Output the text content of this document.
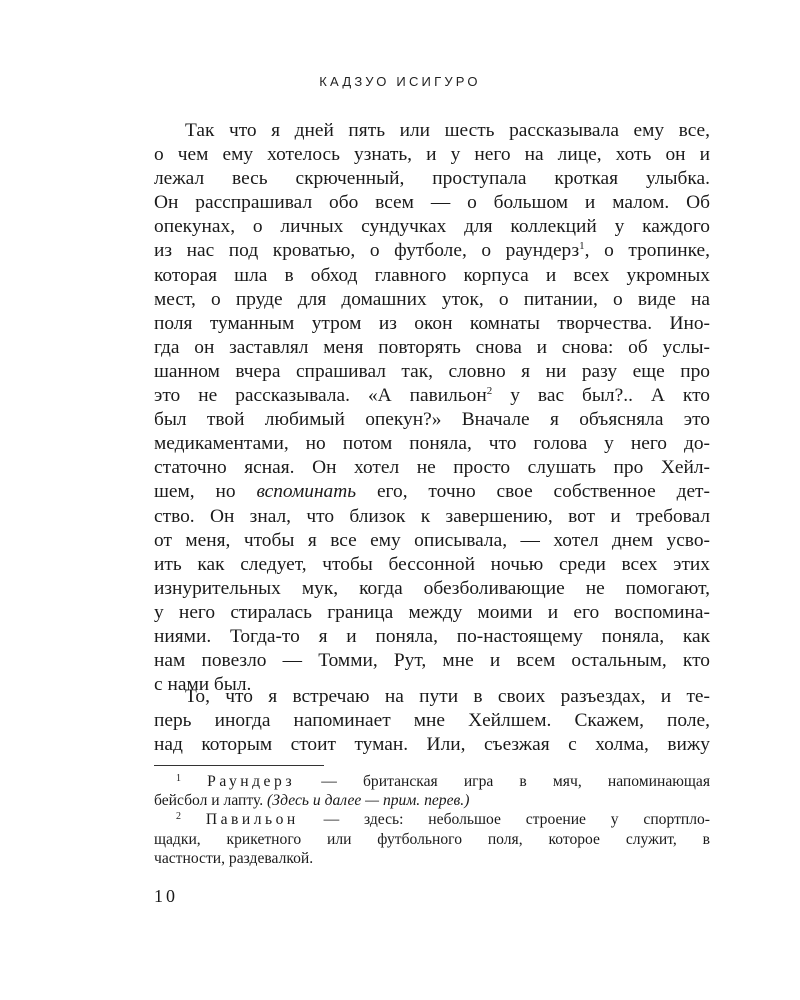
КАДЗУО ИСИГУРО
Так что я дней пять или шесть рассказывала ему все,
о чем ему хотелось узнать, и у него на лице, хоть он и
лежал весь скрюченный, проступала кроткая улыбка.
Он расспрашивал обо всем — о большом и малом. Об
опекунах, о личных сундучках для коллекций у каждого
из нас под кроватью, о футболе, о раундерз$^1$, о тропинке,
которая шла в обход главного корпуса и всех укромных
мест, о пруде для домашних уток, о питании, о виде на
поля туманным утром из окон комнаты творчества. Ино-
гда он заставлял меня повторять снова и снова: об услы-
шанном вчера спрашивал так, словно я ни разу еще про
это не рассказывала. «А павильон$^2$ у вас был?.. А кто
был твой любимый опекун?» Вначале я объясняла это
медикаментами, но потом поняла, что голова у него до-
статочно ясная. Он хотел не просто слушать про Хейл-
шем, но вспоминать его, точно свое собственное дет-
ство. Он знал, что близок к завершению, вот и требовал
от меня, чтобы я все ему описывала, — хотел днем усво-
ить как следует, чтобы бессонной ночью среди всех этих
изнурительных мук, когда обезболивающие не помогают,
у него стиралась граница между моими и его воспомина-
ниями. Тогда-то я и поняла, по-настоящему поняла, как
нам повезло — Томми, Рут, мне и всем остальным, кто
с нами был.
То, что я встречаю на пути в своих разъездах, и те-
перь иногда напоминает мне Хейлшем. Скажем, поле,
над которым стоит туман. Или, съезжая с холма, вижу
$^1$ Раундерз — британская игра в мяч, напоминающая
бейсбол и лапту. (Здесь и далее — прим. перев.)
$^2$ Павильон — здесь: небольшое строение у спортпло-
щадки, крикетного или футбольного поля, которое служит, в
частности, раздевалкой.
10
